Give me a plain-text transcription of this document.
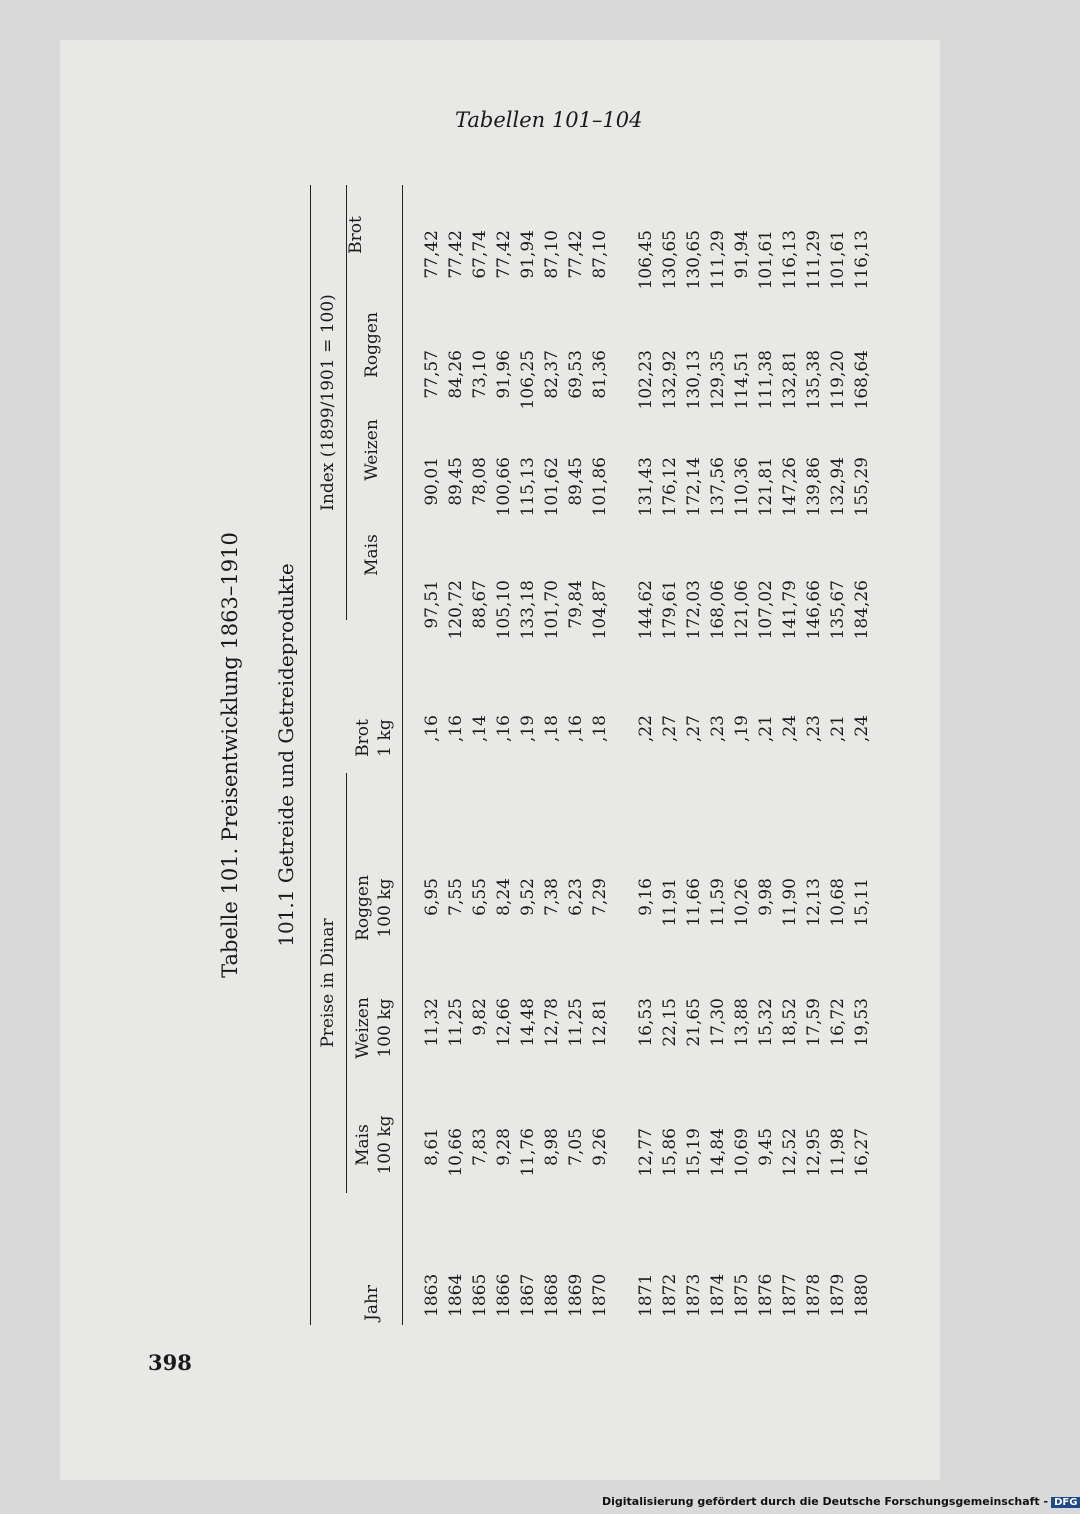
Tabellen 101–104
Tabelle 101. Preisentwicklung 1863–1910 101.1 Getreide und Getreideprodukte
Jahr
Preise in Dinar
Index (1899/1901 = 100)
Mais 100 kg
Weizen 100 kg
Roggen 100 kg
Brot 1 kg
Mais
Weizen
Roggen
Brot
1863	8,61	11,32	6,95	,16	97,51	90,01	77,57	77,42	
1864	10,66	11,25	7,55	,16	120,72	89,45	84,26	77,42	
1865	7,83	9,82	6,55	,14	88,67	78,08	73,10	67,74	
1866	9,28	12,66	8,24	,16	105,10	100,66	91,96	77,42	
1867	11,76	14,48	9,52	,19	133,18	115,13	106,25	91,94	
1868	8,98	12,78	7,38	,18	101,70	101,62	82,37	87,10	
1869	7,05	11,25	6,23	,16	79,84	89,45	69,53	77,42	
1870	9,26	12,81	7,29	,18	104,87	101,86	81,36	87,10	

1871	12,77	16,53	9,16	,22	144,62	131,43	102,23	106,45	
1872	15,86	22,15	11,91	,27	179,61	176,12	132,92	130,65	
1873	15,19	21,65	11,66	,27	172,03	172,14	130,13	130,65	
1874	14,84	17,30	11,59	,23	168,06	137,56	129,35	111,29	
1875	10,69	13,88	10,26	,19	121,06	110,36	114,51	91,94	
1876	9,45	15,32	9,98	,21	107,02	121,81	111,38	101,61	
1877	12,52	18,52	11,90	,24	141,79	147,26	132,81	116,13	
1878	12,95	17,59	12,13	,23	146,66	139,86	135,38	111,29	
1879	11,98	16,72	10,68	,21	135,67	132,94	119,20	101,61	
1880	16,27	19,53	15,11	,24	184,26	155,29	168,64	116,13	
398
Digitalisierung gefördert durch die Deutsche Forschungsgemeinschaft - DFG
